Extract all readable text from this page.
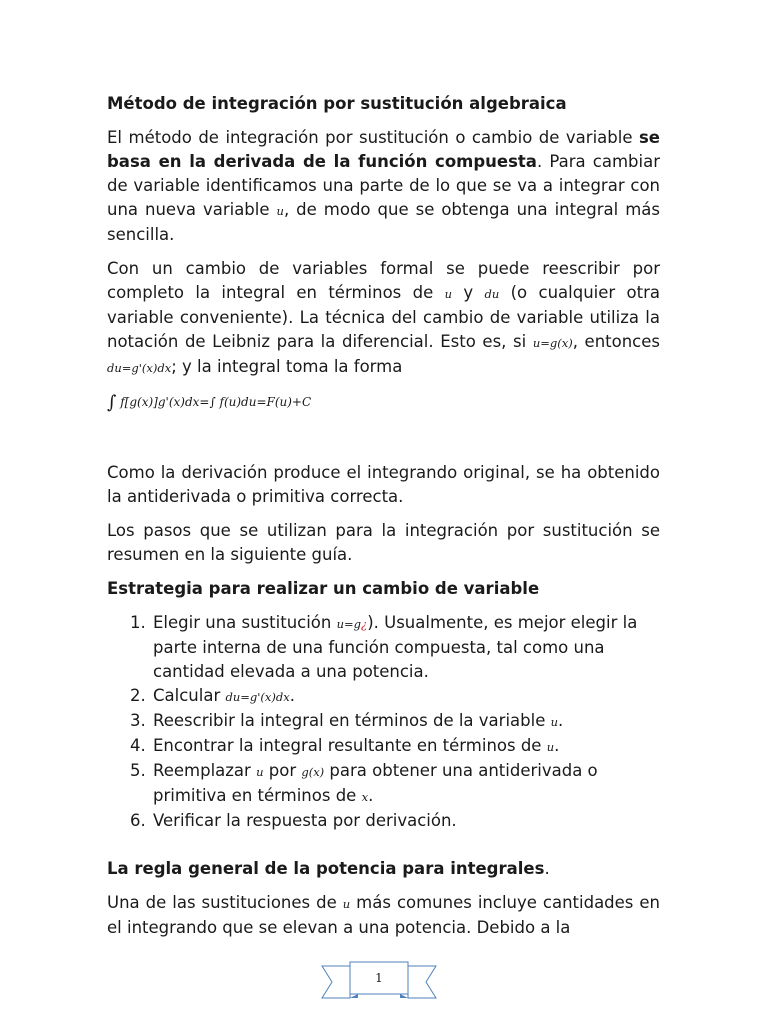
Método de integración por sustitución algebraica

El método de integración por sustitución o cambio de variable se basa en la derivada de la función compuesta. Para cambiar de variable identificamos una parte de lo que se va a integrar con una nueva variable u, de modo que se obtenga una integral más sencilla.

Con un cambio de variables formal se puede reescribir por completo la integral en términos de u y du (o cualquier otra variable conveniente). La técnica del cambio de variable utiliza la notación de Leibniz para la diferencial. Esto es, si u=g(x), entonces du=g'(x)dx; y la integral toma la forma

∫ f[g(x)]g'(x)dx=∫ f(u)du=F(u)+C

Como la derivación produce el integrando original, se ha obtenido la antiderivada o primitiva correcta.

Los pasos que se utilizan para la integración por sustitución se resumen en la siguiente guía.

Estrategia para realizar un cambio de variable
1. Elegir una sustitución u=g¿). Usualmente, es mejor elegir la parte interna de una función compuesta, tal como una cantidad elevada a una potencia.
2. Calcular du=g'(x)dx.
3. Reescribir la integral en términos de la variable u.
4. Encontrar la integral resultante en términos de u.
5. Reemplazar u por g(x) para obtener una antiderivada o primitiva en términos de x.
6. Verificar la respuesta por derivación.
La regla general de la potencia para integrales.

Una de las sustituciones de u más comunes incluye cantidades en el integrando que se elevan a una potencia. Debido a la

1
